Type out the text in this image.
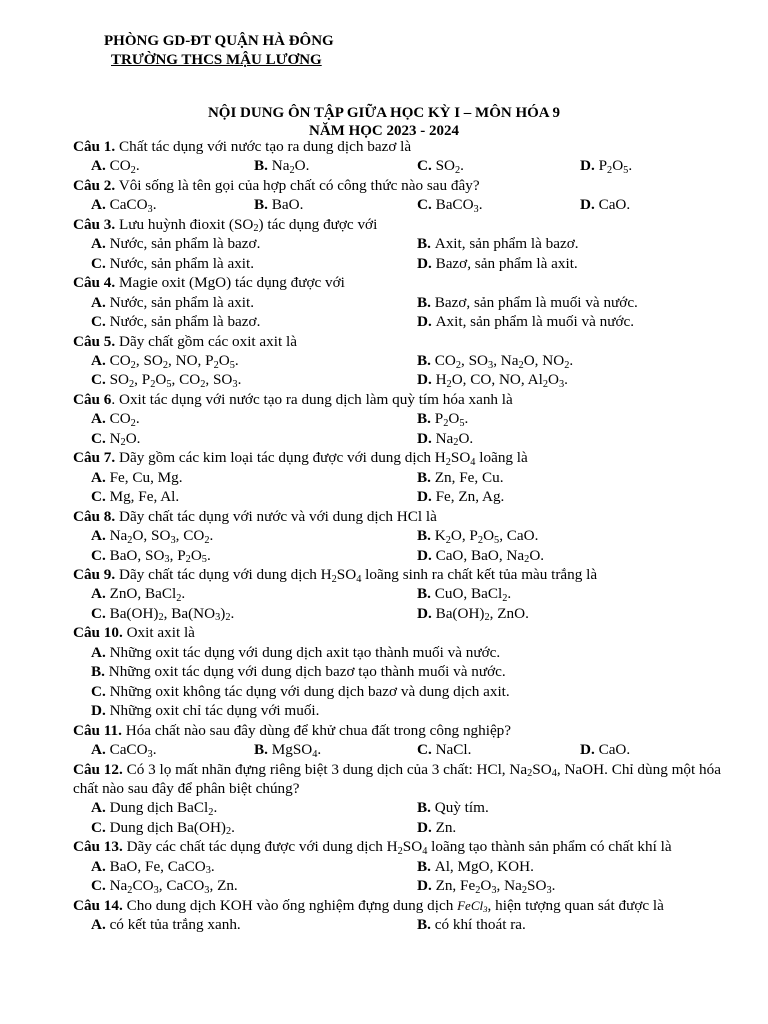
PHÒNG GD-ĐT QUẬN HÀ ĐÔNG
TRƯỜNG THCS MẬU LƯƠNG
NỘI DUNG ÔN TẬP GIỮA HỌC KỲ I – MÔN HÓA 9
NĂM HỌC 2023 - 2024
Câu 1. Chất tác dụng với nước tạo ra dung dịch bazơ là
A. $CO_2$.	B. $Na_2O$.	C. $SO_2$.	D. $P_2O_5$.
Câu 2. Vôi sống là tên gọi của hợp chất có công thức nào sau đây?
A. CaCO$_3$.	B. BaO.	C. BaCO$_3$.	D. CaO.
Câu 3. Lưu huỳnh đioxit $(SO_2)$ tác dụng được với
A. Nước, sản phẩm là bazơ.	B. Axit, sản phẩm là bazơ.
C. Nước, sản phẩm là axit.	D. Bazơ, sản phẩm là axit.
Câu 4. Magie oxit (MgO) tác dụng được với
A. Nước, sản phẩm là axit.	B. Bazơ, sản phẩm là muối và nước.
C. Nước, sản phẩm là bazơ.	D. Axit, sản phẩm là muối và nước.
Câu 5. Dãy chất gồm các oxit axit là
A. $CO_2$, $SO_2$, NO, $P_2O_5$.	B. $CO_2$, $SO_3$, $Na_2O$, $NO_2$.
C. $SO_2$, $P_2O_5$, $CO_2$, $SO_3$.	D. $H_2O$, CO, NO, $Al_2O_3$.
Câu 6. Oxit tác dụng với nước tạo ra dung dịch làm quỳ tím hóa xanh là
A. $CO_2$.	B. $P_2O_5$.
C. $N_2O$.	D. $Na_2O$.
Câu 7. Dãy gồm các kim loại tác dụng được với dung dịch $H_2SO_4$ loãng là
A. Fe, Cu, Mg.	B. Zn, Fe, Cu.
C. Mg, Fe, Al.	D. Fe, Zn, Ag.
Câu 8. Dãy chất tác dụng với nước và với dung dịch HCl là
A. $Na_2O$, $SO_3$, $CO_2$.	B. $K_2O$, $P_2O_5$, CaO.
C. BaO, $SO_3$, $P_2O_5$.	D. CaO, BaO, $Na_2O$.
Câu 9. Dãy chất tác dụng với dung dịch $H_2SO_4$ loãng sinh ra chất kết tủa màu trắng là
A. ZnO, BaCl$_2$.	B. CuO, BaCl$_2$.
C. $Ba(OH)_2$, $Ba(NO_3)_2$.	D. $Ba(OH)_2$, ZnO.
Câu 10. Oxit axit là
A. Những oxit tác dụng với dung dịch axit tạo thành muối và nước.
B. Những oxit tác dụng với dung dịch bazơ tạo thành muối và nước.
C. Những oxit không tác dụng với dung dịch bazơ và dung dịch axit.
D. Những oxit chỉ tác dụng với muối.
Câu 11. Hóa chất nào sau đây dùng để khử chua đất trong công nghiệp?
A. CaCO$_3$.	B. MgSO$_4$.	C. NaCl.	D. CaO.
Câu 12. Có 3 lọ mất nhãn đựng riêng biệt 3 dung dịch của 3 chất: HCl, $Na_2SO_4$, NaOH. Chỉ dùng một hóa chất nào sau đây để phân biệt chúng?
A. Dung dịch BaCl$_2$.	B. Quỳ tím.
C. Dung dịch $Ba(OH)_2$.	D. Zn.
Câu 13. Dãy các chất tác dụng được với dung dịch $H_2SO_4$ loãng tạo thành sản phẩm có chất khí là
A. BaO, Fe, CaCO$_3$.	B. Al, MgO, KOH.
C. $Na_2CO_3$, CaCO$_3$, Zn.	D. Zn, $Fe_2O_3$, $Na_2SO_3$.
Câu 14. Cho dung dịch KOH vào ống nghiệm đựng dung dịch FeCl$_3$, hiện tượng quan sát được là
A. có kết tủa trắng xanh.	B. có khí thoát ra.
